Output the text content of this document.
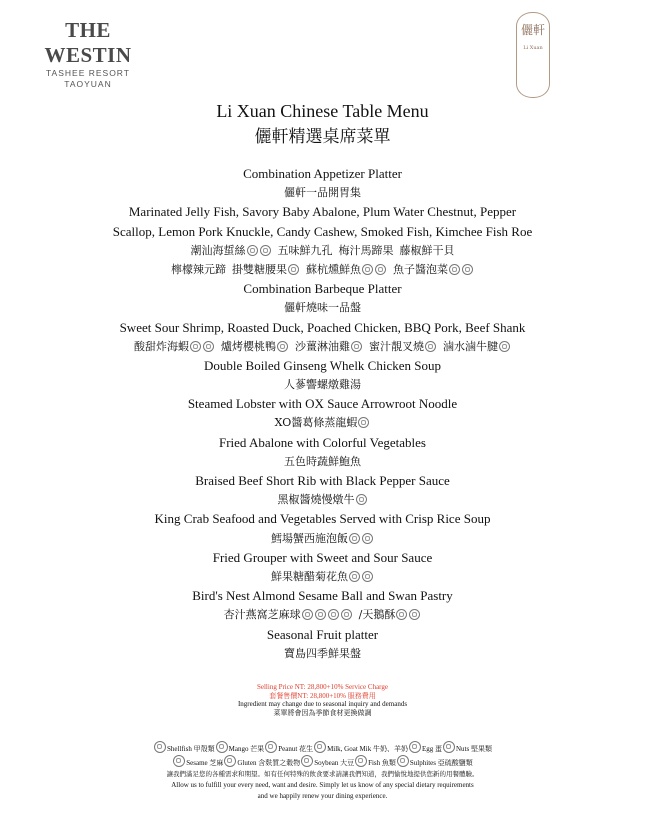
THE WESTIN
TASHEE RESORT
TAOYUAN
儷軒
Li Xuan
Li Xuan Chinese Table Menu
儷軒精選桌席菜單
Combination Appetizer Platter
儷軒一品開胃集
Marinated Jelly Fish, Savory Baby Abalone, Plum Water Chestnut, Pepper
Scallop, Lemon Pork Knuckle, Candy Cashew, Smoked Fish, Kimchee Fish Roe
潮汕海蜇絲	五味鮮九孔 梅汁馬蹄果 藤椒鮮干貝
檸檬辣元蹄 掛雙糖腰果 蘇杭燻鮮魚	魚子醬泡菜
Combination Barbeque Platter
儷軒燒味一品盤
Sweet Sour Shrimp, Roasted Duck, Poached Chicken, BBQ Pork, Beef Shank
酸甜炸海蝦	爐烤櫻桃鴨 沙薑淋油雞 蜜汁靚叉燒 滷水滷牛腱
Double Boiled Ginseng Whelk Chicken Soup
人蔘響螺燉雞湯
Steamed Lobster with OX Sauce Arrowroot Noodle
XO醬葛條蒸龍蝦
Fried Abalone with Colorful Vegetables
五色時蔬鮮鮑魚
Braised Beef Short Rib with Black Pepper Sauce
黑椒醬燒慢燉牛
King Crab Seafood and Vegetables Served with Crisp Rice Soup
鱈場蟹西施泡飯
Fried Grouper with Sweet and Sour Sauce
鮮果糖醋菊花魚
Bird's Nest Almond Sesame Ball and Swan Pastry
杏汁燕窩芝麻球	/天鵝酥
Seasonal Fruit platter
寶島四季鮮果盤
Selling Price NT: 28,800+10% Service Charge
套餐售價NT: 28,800+10% 服務費用
Ingredient may change due to seasonal inquiry and demands
菜單將會因為季節食材更換做調
Shellfish 甲殼類 Mango 芒果 Peanut 花生 Milk, Goat Mik 牛奶、羊奶 Egg 蛋 Nuts 堅果類
Sesame 芝麻 Gluten 含麩質之穀物 Soybean 大豆 Fish 魚類 Sulphites 亞硫酸鹽類
讓我們滿足您的各種需求和期望。如有任何特殊的飲食要求請讓我們知道，我們愉悅地提供您新的用餐體驗。
Allow us to fulfill your every need, want and desire. Simply let us know of any special dietary requirements
and we happily renew your dining experience.
